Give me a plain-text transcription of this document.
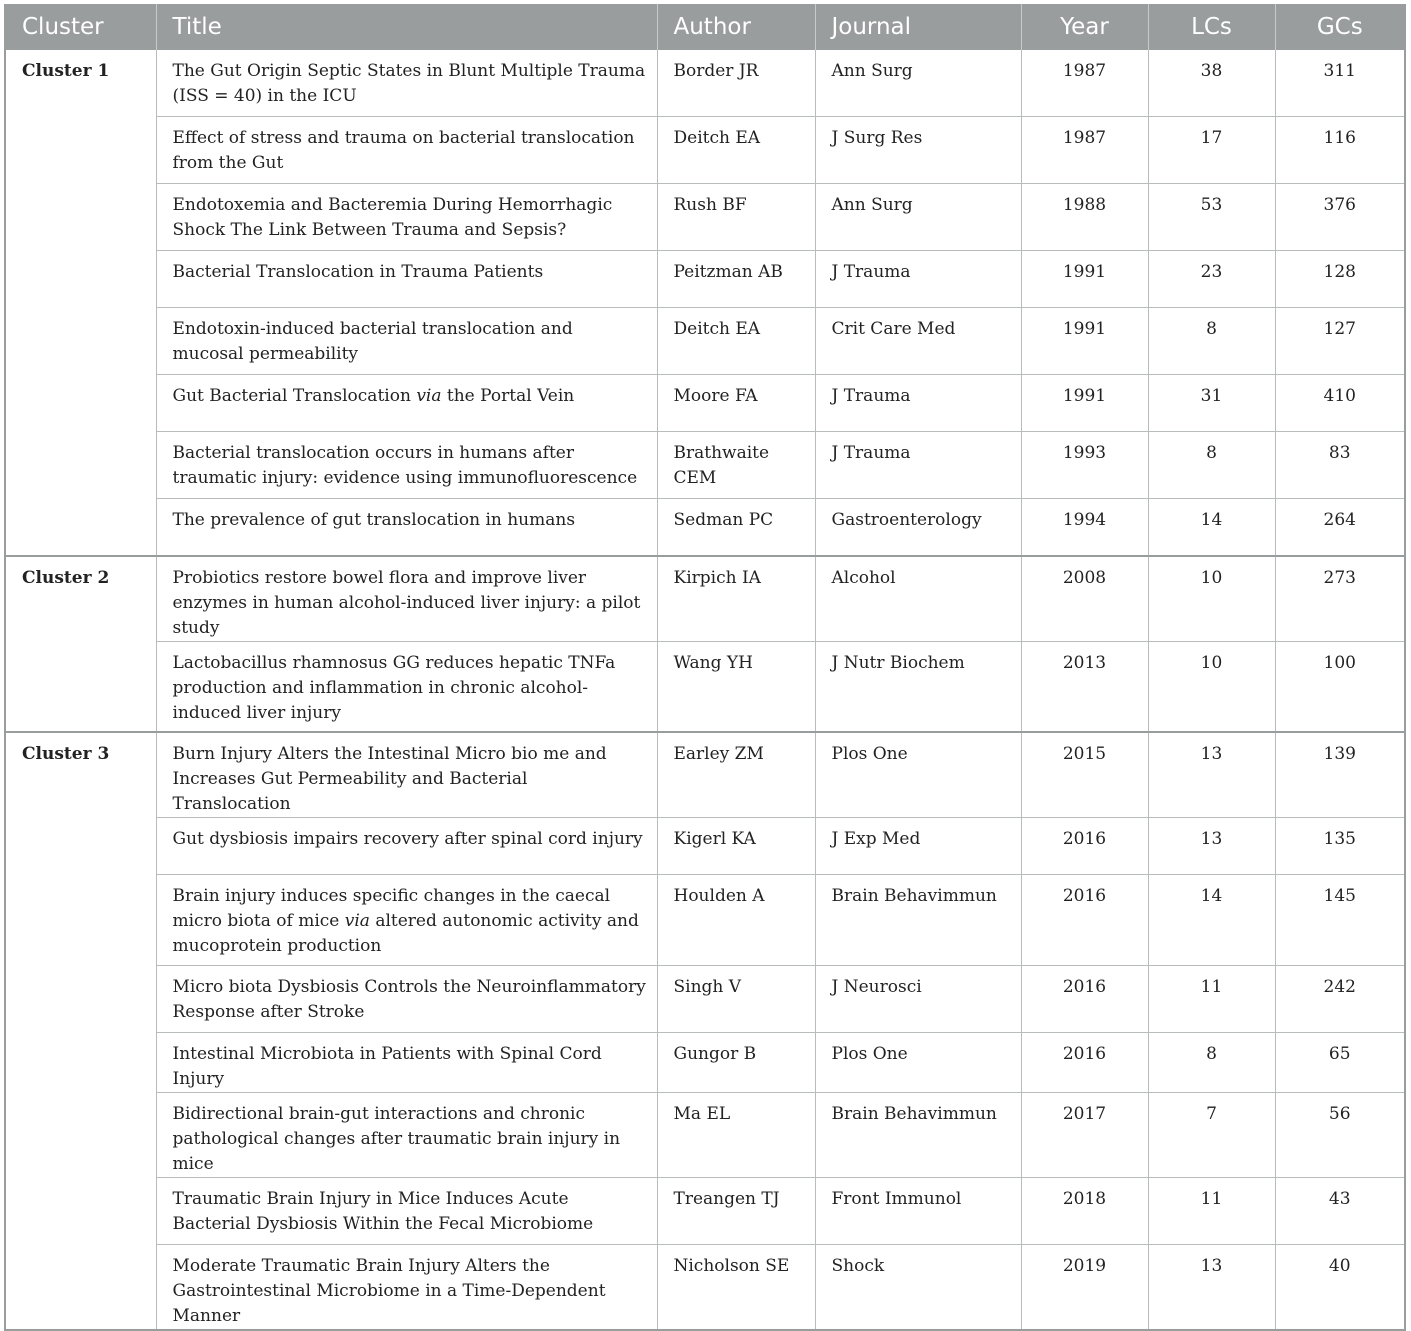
Cluster	Title	Author	Journal	Year	LCs	GCs
Cluster 1	The Gut Origin Septic States in Blunt Multiple Trauma (ISS = 40) in the ICU	Border JR	Ann Surg	1987	38	311
	Effect of stress and trauma on bacterial translocation from the Gut	Deitch EA	J Surg Res	1987	17	116
	Endotoxemia and Bacteremia During Hemorrhagic Shock The Link Between Trauma and Sepsis?	Rush BF	Ann Surg	1988	53	376
	Bacterial Translocation in Trauma Patients	Peitzman AB	J Trauma	1991	23	128
	Endotoxin-induced bacterial translocation and mucosal permeability	Deitch EA	Crit Care Med	1991	8	127
	Gut Bacterial Translocation via the Portal Vein	Moore FA	J Trauma	1991	31	410
	Bacterial translocation occurs in humans after traumatic injury: evidence using immunofluorescence	Brathwaite CEM	J Trauma	1993	8	83
	The prevalence of gut translocation in humans	Sedman PC	Gastroenterology	1994	14	264
Cluster 2	Probiotics restore bowel flora and improve liver enzymes in human alcohol-induced liver injury: a pilot study	Kirpich IA	Alcohol	2008	10	273
	Lactobacillus rhamnosus GG reduces hepatic TNFa production and inflammation in chronic alcohol-induced liver injury	Wang YH	J Nutr Biochem	2013	10	100
Cluster 3	Burn Injury Alters the Intestinal Micro bio me and Increases Gut Permeability and Bacterial Translocation	Earley ZM	Plos One	2015	13	139
	Gut dysbiosis impairs recovery after spinal cord injury	Kigerl KA	J Exp Med	2016	13	135
	Brain injury induces specific changes in the caecal micro biota of mice via altered autonomic activity and mucoprotein production	Houlden A	Brain Behavimmun	2016	14	145
	Micro biota Dysbiosis Controls the Neuroinflammatory Response after Stroke	Singh V	J Neurosci	2016	11	242
	Intestinal Microbiota in Patients with Spinal Cord Injury	Gungor B	Plos One	2016	8	65
	Bidirectional brain-gut interactions and chronic pathological changes after traumatic brain injury in mice	Ma EL	Brain Behavimmun	2017	7	56
	Traumatic Brain Injury in Mice Induces Acute Bacterial Dysbiosis Within the Fecal Microbiome	Treangen TJ	Front Immunol	2018	11	43
	Moderate Traumatic Brain Injury Alters the Gastrointestinal Microbiome in a Time-Dependent Manner	Nicholson SE	Shock	2019	13	40
